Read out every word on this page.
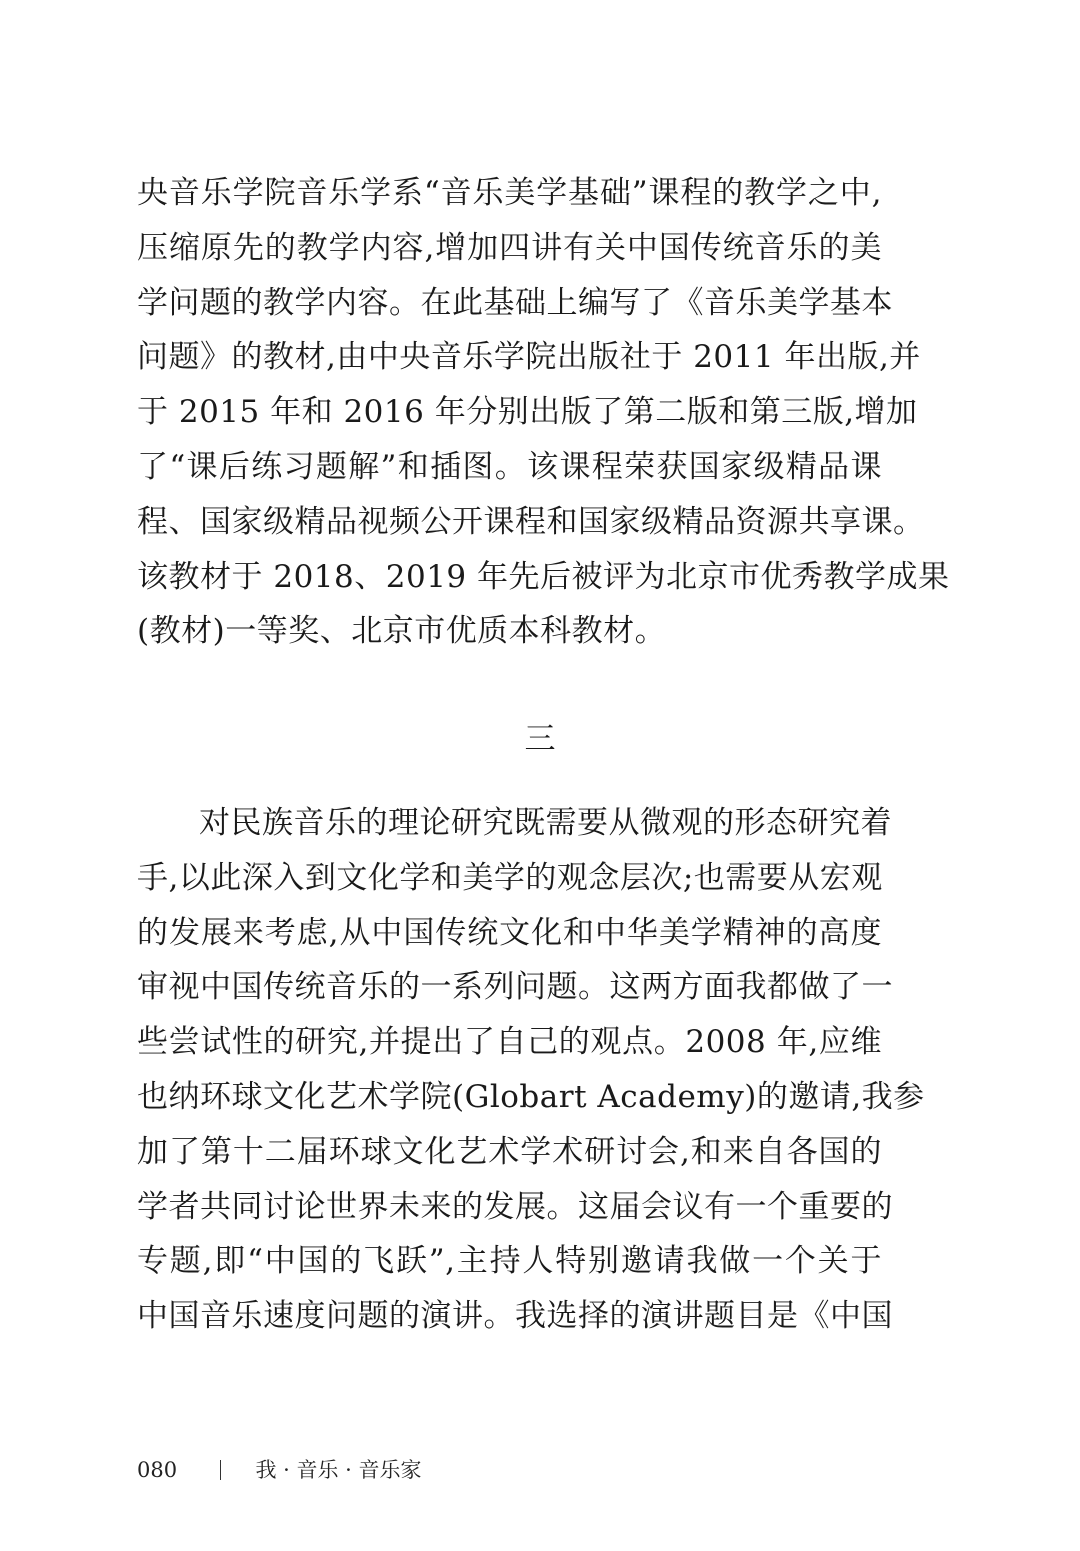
央音乐学院音乐学系“音乐美学基础”课程的教学之中,
压缩原先的教学内容,增加四讲有关中国传统音乐的美
学问题的教学内容。在此基础上编写了《音乐美学基本
问题》的教材,由中央音乐学院出版社于 2011 年出版,并
于 2015 年和 2016 年分别出版了第二版和第三版,增加
了“课后练习题解”和插图。该课程荣获国家级精品课
程、国家级精品视频公开课程和国家级精品资源共享课。
该教材于 2018、2019 年先后被评为北京市优秀教学成果
(教材)一等奖、北京市优质本科教材。
三
对民族音乐的理论研究既需要从微观的形态研究着
手,以此深入到文化学和美学的观念层次;也需要从宏观
的发展来考虑,从中国传统文化和中华美学精神的高度
审视中国传统音乐的一系列问题。这两方面我都做了一
些尝试性的研究,并提出了自己的观点。2008 年,应维
也纳环球文化艺术学院(Globart Academy)的邀请,我参
加了第十二届环球文化艺术学术研讨会,和来自各国的
学者共同讨论世界未来的发展。这届会议有一个重要的
专题,即“中国的飞跃”,主持人特别邀请我做一个关于
中国音乐速度问题的演讲。我选择的演讲题目是《中国
080	我 · 音乐 · 音乐家
